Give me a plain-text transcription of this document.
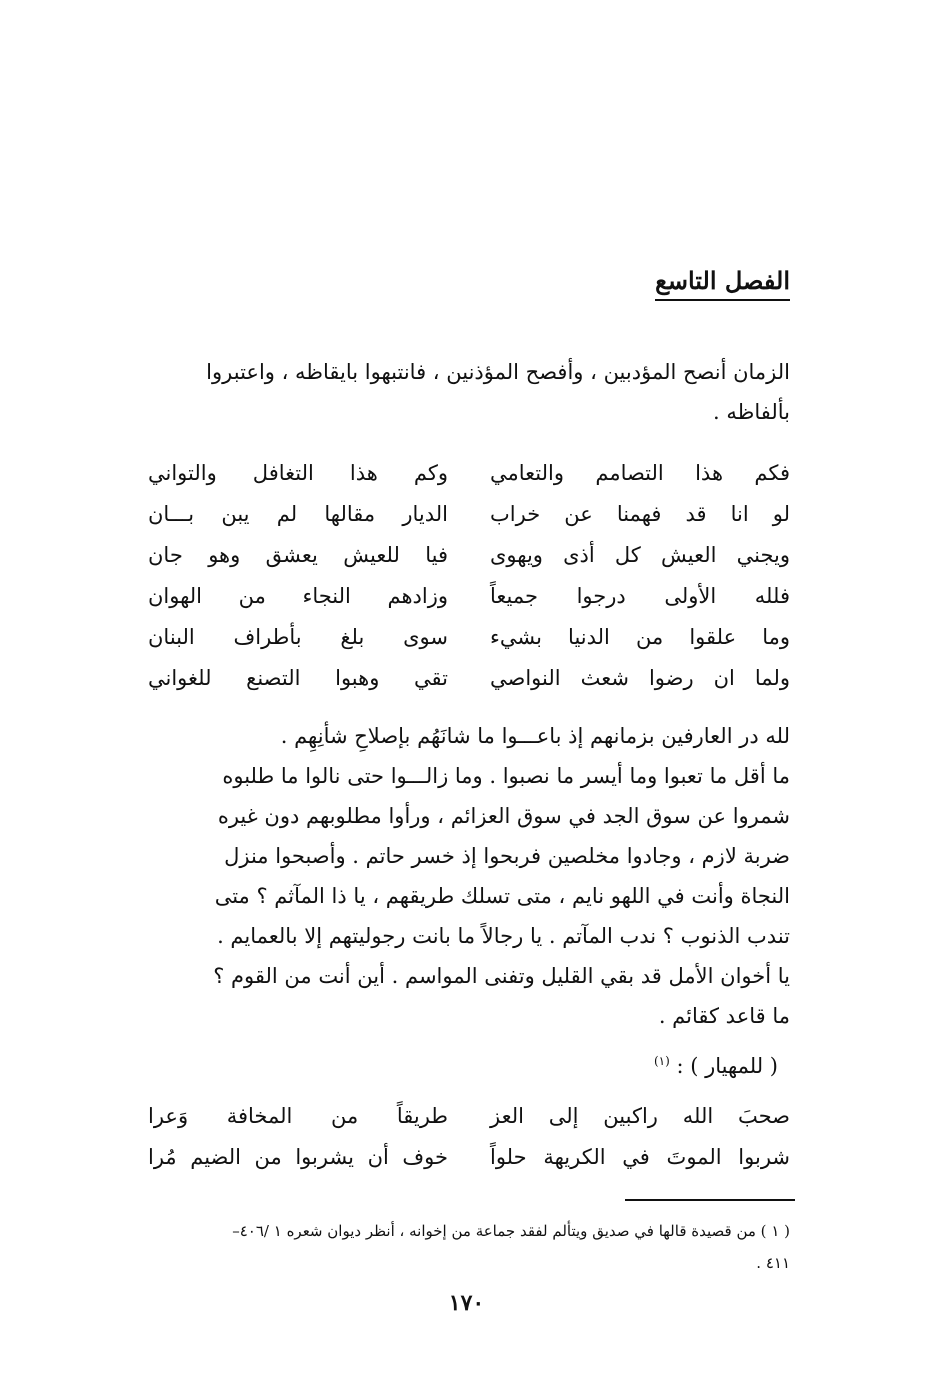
الفصل التاسع
الزمان أنصح المؤدبين ، وأفصح المؤذنين ، فانتبهوا بايقاظه ، واعتبروا
بألفاظه .
فكم هذا التصامم والتعامي
وكم هذا التغافل والتواني
لو انا قد فهمنا عن خراب
الديار مقالها لم يبن بـــان
ويجني العيش كل أذى ويهوى
فيا للعيش يعشق وهو جان
فلله الأولى درجوا جميعاً
وزادهم النجاء من الهوان
وما علقوا من الدنيا بشيء
سوى بلغ بأطراف البنان
ولما ان رضوا شعث النواصي
تقي وهبوا التصنع للغواني
لله در العارفين بزمانهم إذ باعـــوا ما شانَهُم بإصلاحِ شأنِهِم .
ما أقل ما تعبوا وما أيسر ما نصبوا . وما زالـــوا حتى نالوا ما طلبوه
شمروا عن سوق الجد في سوق العزائم ، ورأوا مطلوبهم دون غيره
ضربة لازم ، وجادوا مخلصين فربحوا إذ خسر حاتم . وأصبحوا منزل
النجاة وأنت في اللهو نايم ، متى تسلك طريقهم ، يا ذا المآثم ؟ متى
تندب الذنوب ؟ ندب المآتم . يا رجالاً ما بانت رجوليتهم إلا بالعمايم .
يا أخوان الأمل قد بقي القليل وتفنى المواسم . أين أنت من القوم ؟
ما قاعد كقائم .
( للمهيار ) : $^{(١)}$
صحبَ الله راكبين إلى العز
طريقاً من المخافة وَعرا
شربوا الموتَ في الكريهة حلواً
خوف أن يشربوا من الضيم مُرا
( ١ ) من قصيدة قالها في صديق ويتألم لفقد جماعة من إخوانه ، أنظر ديوان شعره ١ /٤٠٦–
٤١١ .
١٧٠
